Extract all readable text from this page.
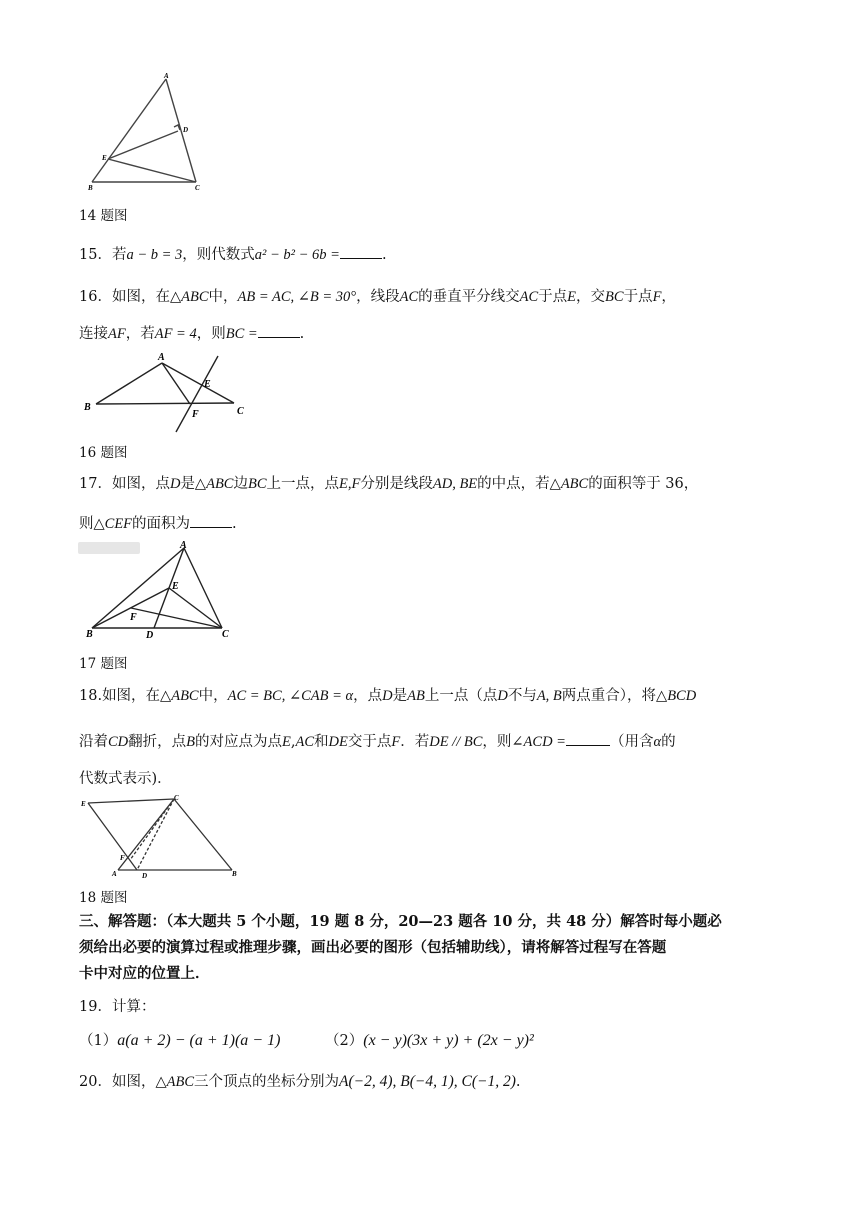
A
D
E
B	C
14 题图
15．若a − b = 3，则代数式a² − b² − 6b =	.
16．如图，在△ABC中，AB = AC, ∠B = 30°，线段AC的垂直平分线交AC于点E，交BC于点F，
连接AF，若AF = 4，则BC =	.
A
B	C
E
F
16 题图
17．如图，点D是△ABC边BC上一点，点E,F分别是线段AD, BE的中点，若△ABC的面积等于 36，
则△CEF的面积为	.
A
E
F
B	D	C
17 题图
18.如图，在△ABC中，AC = BC, ∠CAB = α，点D是AB上一点（点D不与A, B两点重合），将△BCD
沿着CD翻折，点B的对应点为点E,AC和DE交于点F．若DE // BC，则∠ACD =	（用含α的
代数式表示)．
E
C
F
A	D	B
18 题图
三、解答题：（本大题共 5 个小题，19 题 8 分，20—23 题各 10 分，共 48 分）解答时每小题必
须给出必要的演算过程或推理步骤，画出必要的图形（包括辅助线），请将解答过程写在答题
卡中对应的位置上．
19．计算：
（1）a(a + 2) − (a + 1)(a − 1)	（2）(x − y)(3x + y) + (2x − y)²
20．如图，△ABC三个顶点的坐标分别为A(−2, 4), B(−4, 1), C(−1, 2).
